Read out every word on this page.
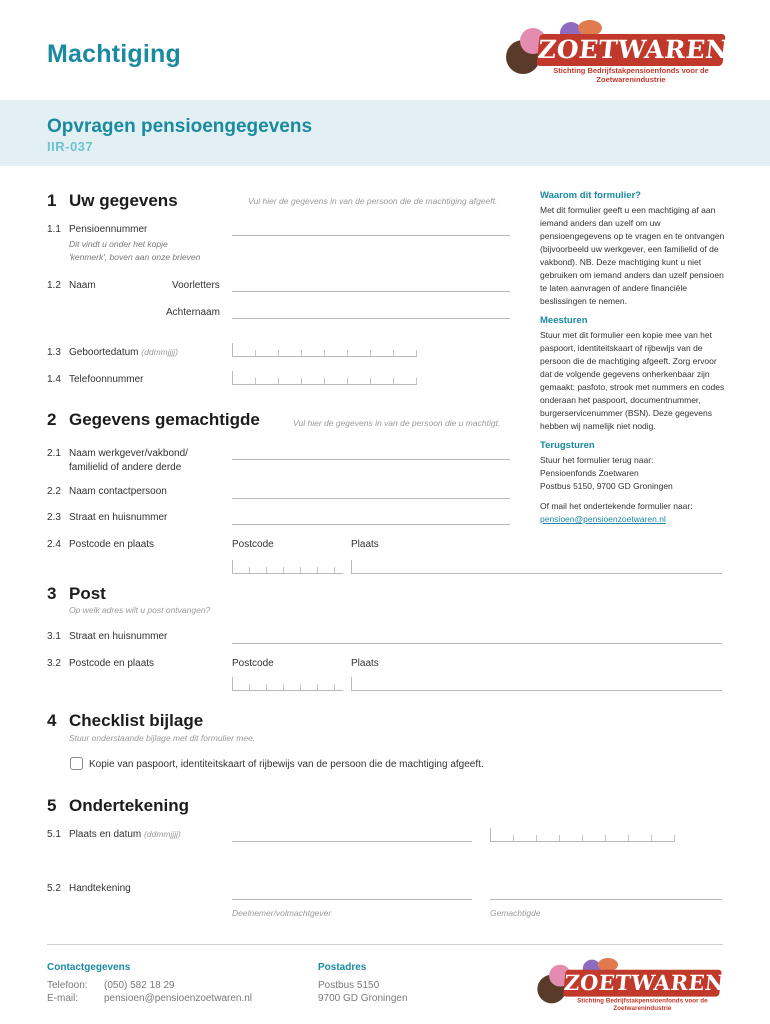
Machtiging	ZOETWAREN
Stichting Bedrijfstakpensioenfonds voor de Zoetwarenindustrie
Opvragen pensioengegevens
IIR-037
1 Uw gegevens	Vul hier de gegevens in van de persoon die de machtiging afgeeft.
1.1 Pensioennummer
Dit vindt u onder het kopje
'kenmerk', boven aan onze brieven
1.2 Naam	Voorletters
Achternaam
1.3 Geboortedatum (ddmmjjjj)
1.4 Telefoonnummer
2 Gegevens gemachtigde	Vul hier de gegevens in van de persoon die u machtigt.
2.1 Naam werkgever/vakbond/
familielid of andere derde
2.2 Naam contactpersoon
2.3 Straat en huisnummer
2.4 Postcode en plaats	Postcode	Plaats
3 Post
Op welk adres wilt u post ontvangen?
3.1 Straat en huisnummer
3.2 Postcode en plaats	Postcode	Plaats
4 Checklist bijlage
Stuur onderstaande bijlage met dit formulier mee.
Kopie van paspoort, identiteitskaart of rijbewijs van de persoon die de machtiging afgeeft.
5 Ondertekening
5.1 Plaats en datum (ddmmjjjj)
5.2 Handtekening
Deelnemer/volmachtgever	Gemachtigde
Waarom dit formulier?

Met dit formulier geeft u een machtiging af aan iemand anders dan uzelf om uw pensioengegevens op te vragen en te ontvangen (bijvoorbeeld uw werkgever, een familielid of de vakbond). NB. Deze machtiging kunt u niet gebruiken om iemand anders dan uzelf pensioen te laten aanvragen of andere financiële beslissingen te nemen.

Meesturen

Stuur met dit formulier een kopie mee van het paspoort, identiteitskaart of rijbewijs van de persoon die de machtiging afgeeft. Zorg ervoor dat de volgende gegevens onherkenbaar zijn gemaakt: pasfoto, strook met nummers en codes onderaan het paspoort, documentnummer, burgerservicenummer (BSN). Deze gegevens hebben wij namelijk niet nodig.

Terugsturen

Stuur het formulier terug naar:

Pensioenfonds Zoetwaren

Postbus 5150, 9700 GD Groningen

Of mail het ondertekende formulier naar:

pensioen@pensioenzoetwaren.nl

Contactgegevens
Telefoon: (050) 582 18 29
E-mail:	pensioen@pensioenzoetwaren.nl
Postadres
Postbus 5150
9700 GD Groningen
ZOETWAREN
Stichting Bedrijfstakpensioenfonds voor de Zoetwarenindustrie
